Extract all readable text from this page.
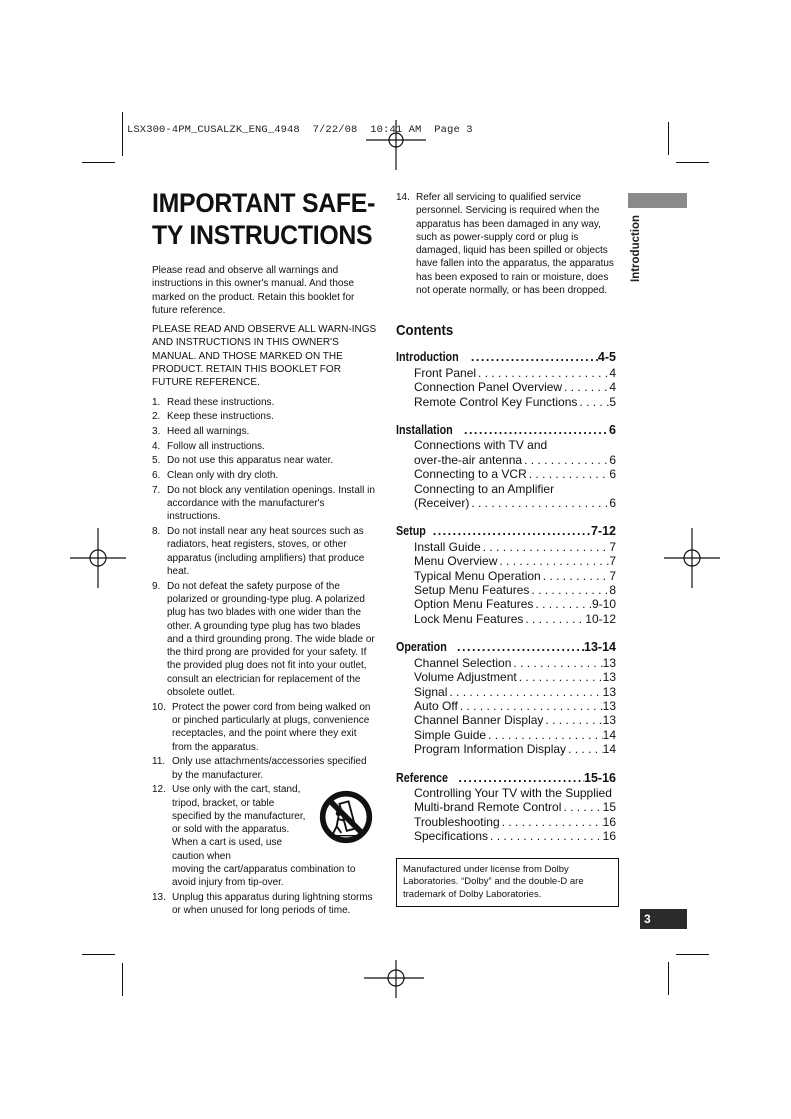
LSX300-4PM_CUSALZK_ENG_4948  7/22/08  10:41 AM  Page 3
IMPORTANT SAFE-
TY INSTRUCTIONS

Please read and observe all warnings and instructions in this owner's manual. And those marked on the product. Retain this booklet for future reference.

PLEASE READ AND OBSERVE ALL WARN-INGS AND INSTRUCTIONS IN THIS OWNER'S MANUAL. AND THOSE MARKED ON THE PRODUCT. RETAIN THIS BOOKLET FOR FUTURE REFERENCE.

1. Read these instructions.
2. Keep these instructions.
3. Heed all warnings.
4. Follow all instructions.
5. Do not use this apparatus near water.
6. Clean only with dry cloth.
7. Do not block any ventilation openings. Install in accordance with the manufacturer's instructions.
8. Do not install near any heat sources such as radiators, heat registers, stoves, or other apparatus (including amplifiers) that produce heat.
9. Do not defeat the safety purpose of the polarized or grounding-type plug. A polarized plug has two blades with one wider than the other. A grounding type plug has two blades and a third grounding prong. The wide blade or the third prong are provided for your safety. If the provided plug does not fit into your outlet, consult an electrician for replacement of the obsolete outlet.
10. Protect the power cord from being walked on or pinched particularly at plugs, convenience receptacles, and the point where they exit from the apparatus.
11. Only use attachments/accessories specified by the manufacturer.
12. Use only with the cart, stand, tripod, bracket, or table specified by the manufacturer, or sold with the apparatus. When a cart is used, use caution when
moving the cart/apparatus combination to avoid injury from tip-over.
13. Unplug this apparatus during lightning storms or when unused for long periods of time.
14. Refer all servicing to qualified service personnel. Servicing is required when the apparatus has been damaged in any way, such as power-supply cord or plug is damaged, liquid has been spilled or objects have fallen into the apparatus, the apparatus has been exposed to rain or moisture, does not operate normally, or has been dropped.
Contents
Introduction .....	4-5
Front Panel . . .	4
Connection Panel Overview . . .	4
Remote Control Key Functions . . .	5
Installation .....	6
Connections with TV and
over-the-air antenna . . .	6
Connecting to a VCR . . .	6
Connecting to an Amplifier
(Receiver) . . .	6
Setup .....	7-12
Install Guide . . .	7
Menu Overview . . .	7
Typical Menu Operation . . .	7
Setup Menu Features . . .	8
Option Menu Features . . .	9-10
Lock Menu Features . . .	10-12
Operation .....	13-14
Channel Selection . . .	13
Volume Adjustment . . .	13
Signal . . .	13
Auto Off . . .	13
Channel Banner Display . . .	13
Simple Guide . . .	14
Program Information Display . . .	14
Reference .....	15-16
Controlling Your TV with the Supplied
Multi-brand Remote Control . . .	15
Troubleshooting . . .	16
Specifications . . .	16
Manufactured under license from Dolby Laboratories. “Dolby” and the double-D are trademark of Dolby Laboratories.
Introduction
3
